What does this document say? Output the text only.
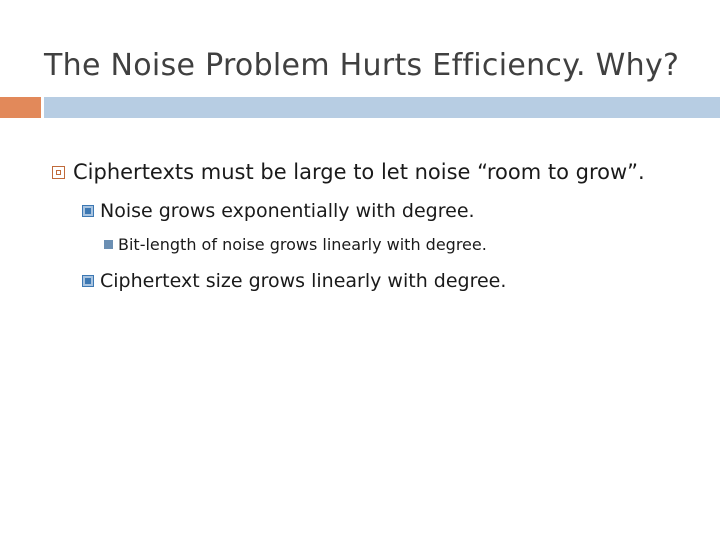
The Noise Problem Hurts Efficiency. Why?
Ciphertexts must be large to let noise “room to grow”.
Noise grows exponentially with degree.
Bit-length of noise grows linearly with degree.
Ciphertext size grows linearly with degree.
